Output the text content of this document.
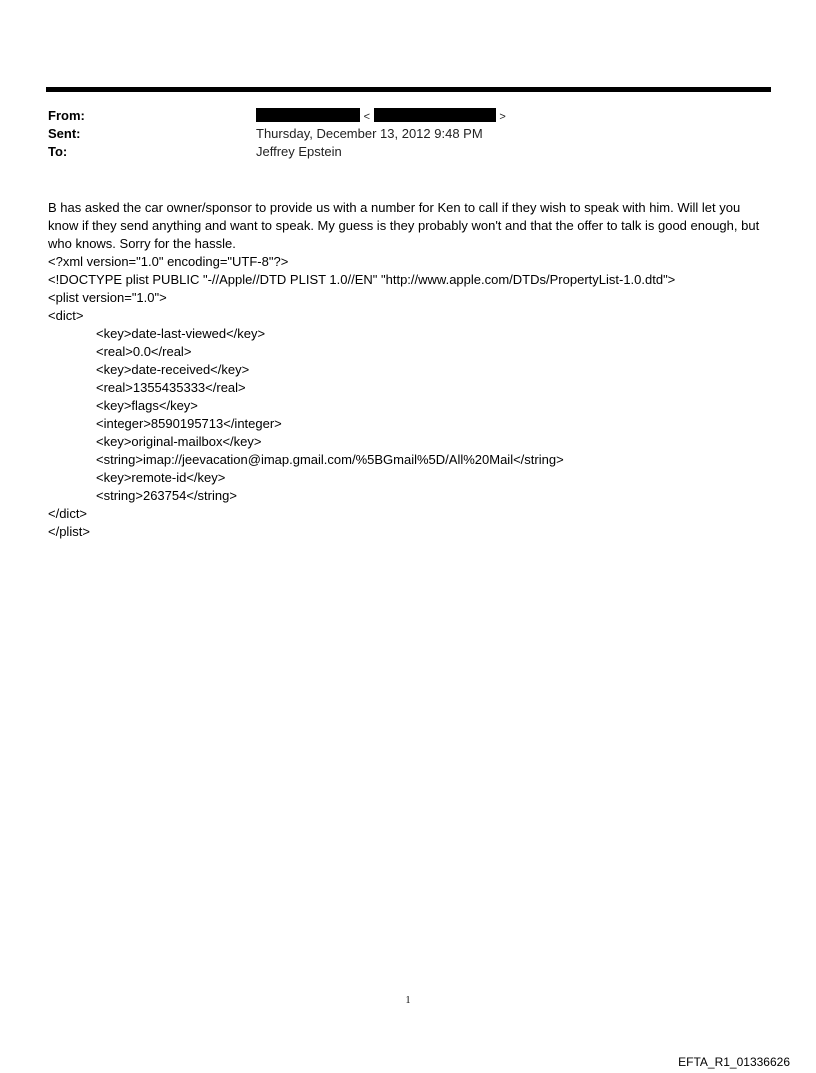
From:	<	>
Sent:	Thursday, December 13, 2012 9:48 PM
To:	Jeffrey Epstein

B has asked the car owner/sponsor to provide us with a number for Ken to call if they wish to speak with him. Will let you know if they send anything and want to speak. My guess is they probably won't and that the offer to talk is good enough, but who knows. Sorry for the hassle.

<?xml version="1.0" encoding="UTF-8"?>
<!DOCTYPE plist PUBLIC "-//Apple//DTD PLIST 1.0//EN" "http://www.apple.com/DTDs/PropertyList-1.0.dtd">
<plist version="1.0">
<dict>
<key>date-last-viewed</key>
<real>0.0</real>
<key>date-received</key>
<real>1355435333</real>
<key>flags</key>
<integer>8590195713</integer>
<key>original-mailbox</key>
<string>imap://jeevacation@imap.gmail.com/%5BGmail%5D/All%20Mail</string>
<key>remote-id</key>
<string>263754</string>
</dict>
</plist>
1
EFTA_R1_01336626
